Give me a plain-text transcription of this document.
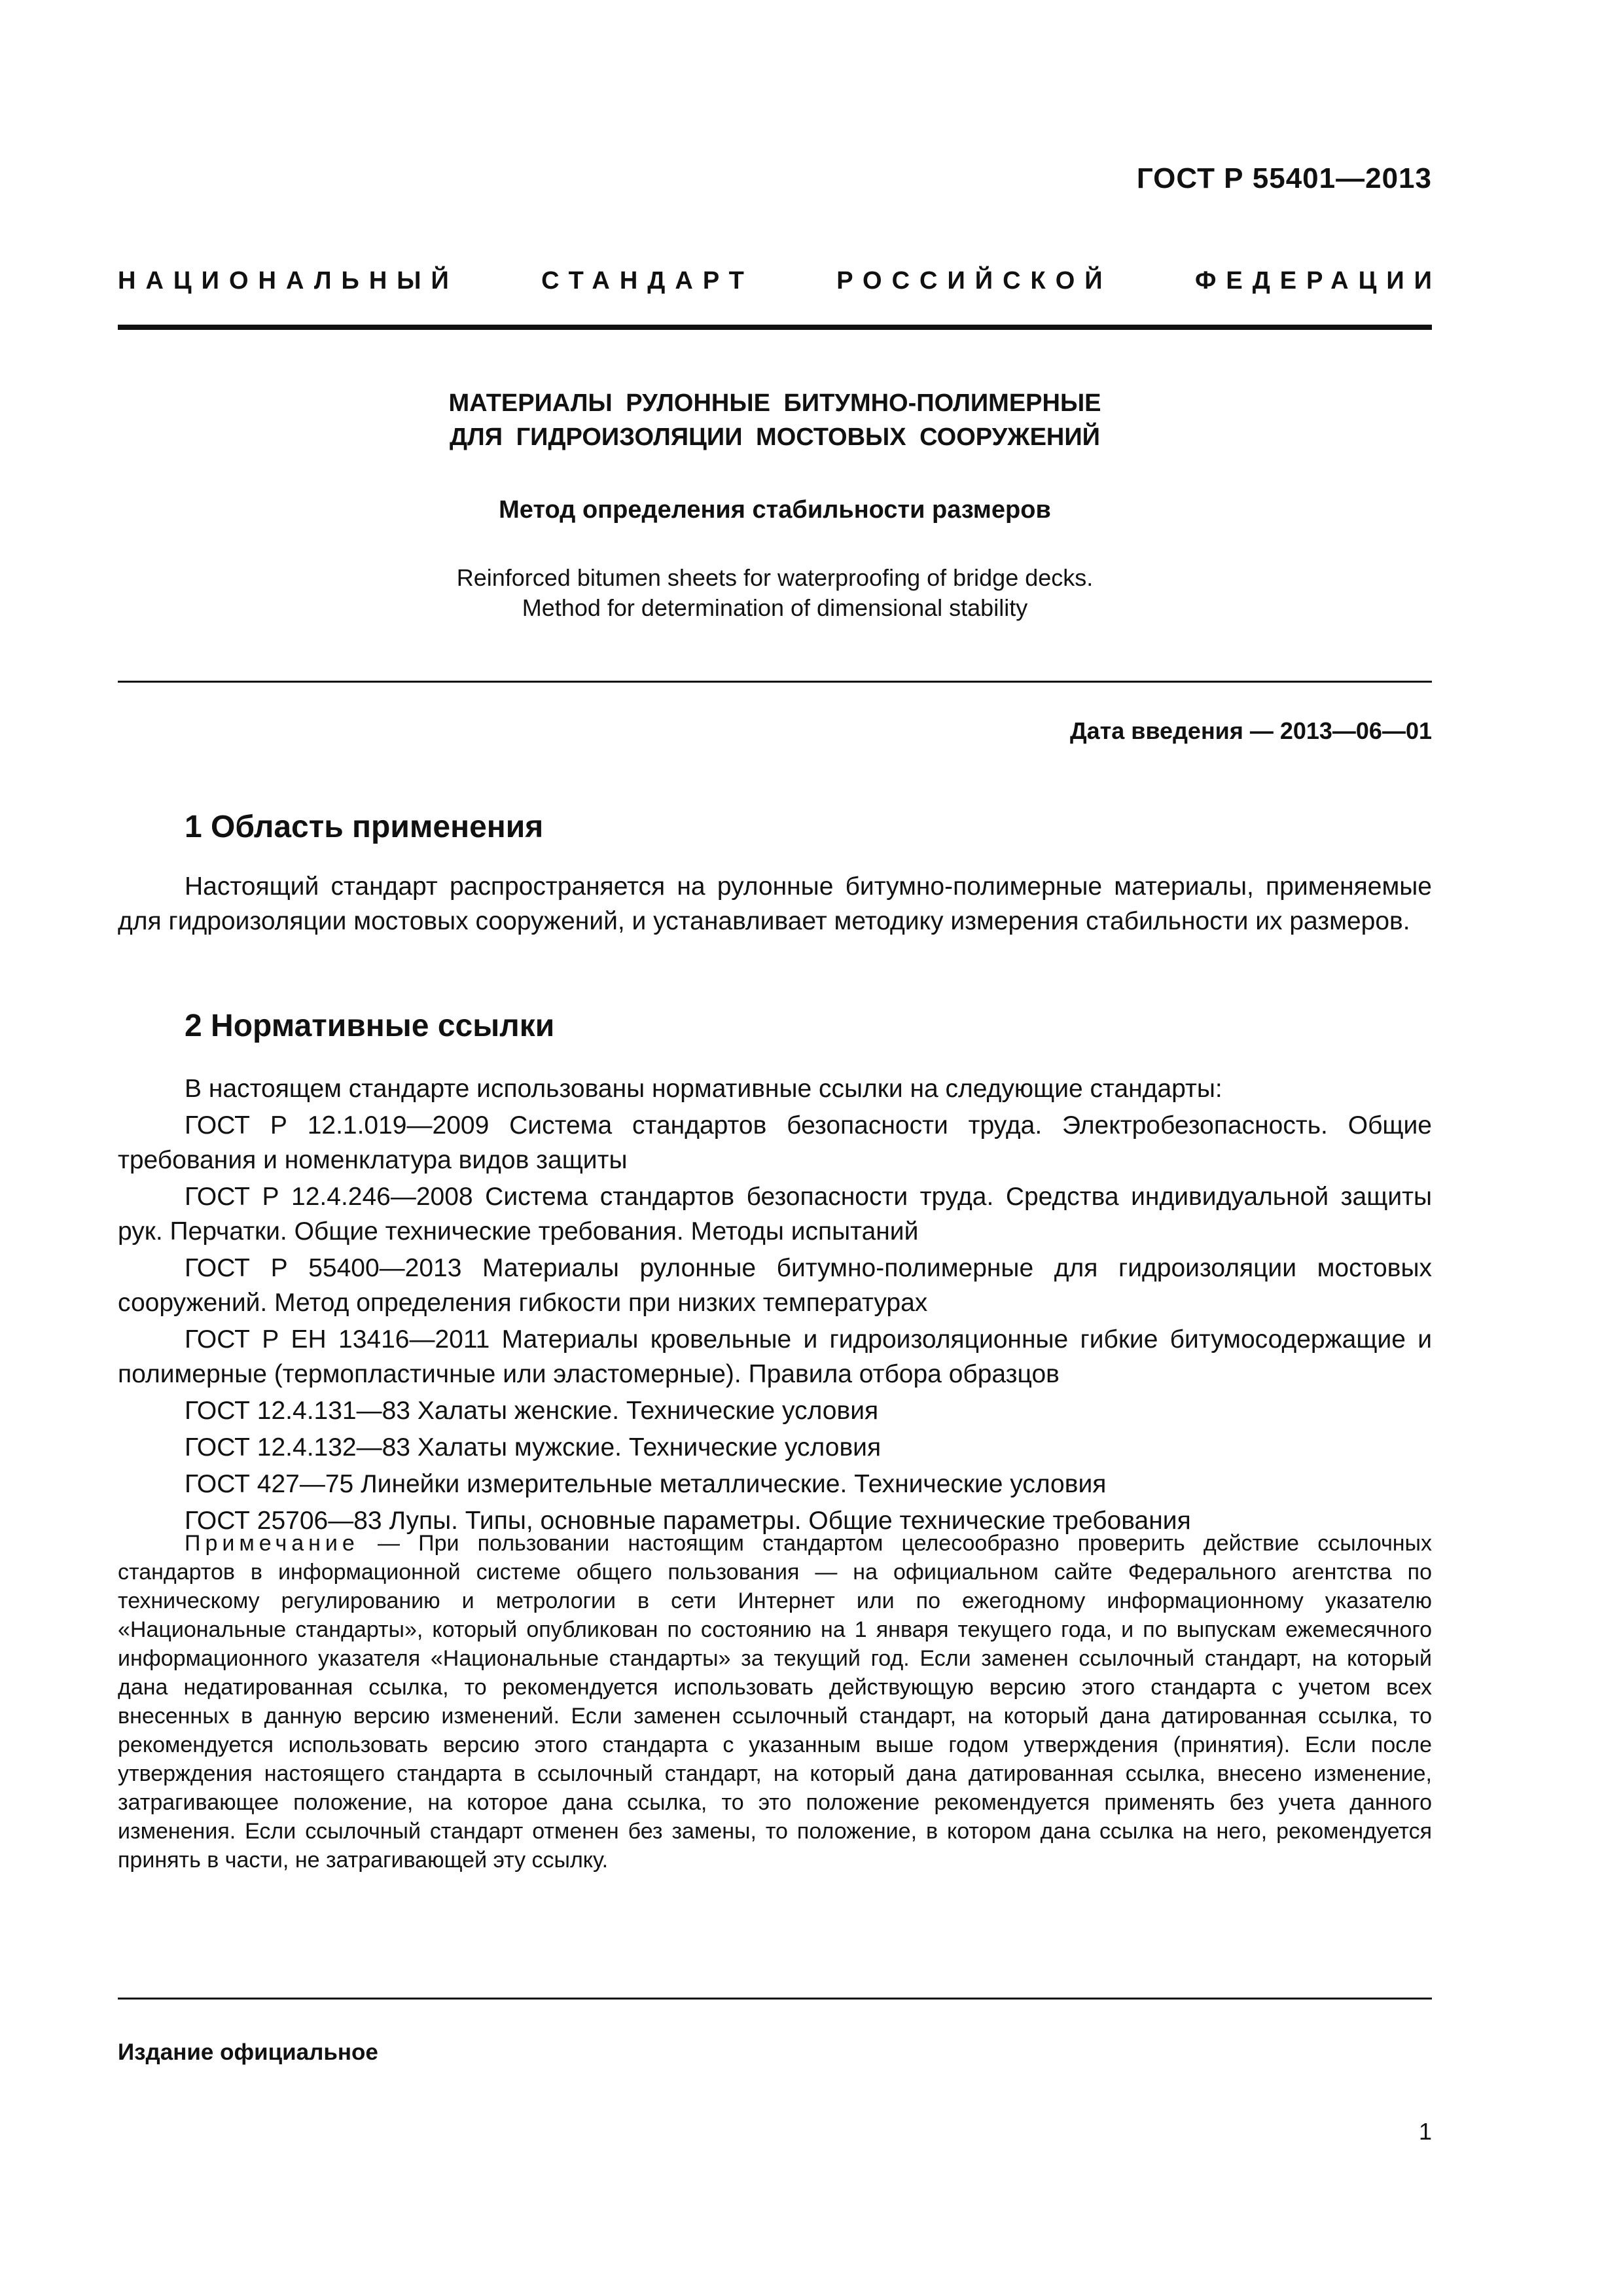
ГОСТ Р 55401—2013
НАЦИОНАЛЬНЫЙ	СТАНДАРТ	РОССИЙСКОЙ	ФЕДЕРАЦИИ
МАТЕРИАЛЫ РУЛОННЫЕ БИТУМНО-ПОЛИМЕРНЫЕ
ДЛЯ ГИДРОИЗОЛЯЦИИ МОСТОВЫХ СООРУЖЕНИЙ
Метод определения стабильности размеров
Reinforced bitumen sheets for waterproofing of bridge decks.
Method for determination of dimensional stability
Дата введения — 2013—06—01
1 Область применения

Настоящий стандарт распространяется на рулонные битумно-полимерные материалы, применяемые для гидроизоляции мостовых сооружений, и устанавливает методику измерения стабильности их размеров.

2 Нормативные ссылки

В настоящем стандарте использованы нормативные ссылки на следующие стандарты:

ГОСТ Р 12.1.019—2009 Система стандартов безопасности труда. Электробезопасность. Общие требования и номенклатура видов защиты

ГОСТ Р 12.4.246—2008 Система стандартов безопасности труда. Средства индивидуальной защиты рук. Перчатки. Общие технические требования. Методы испытаний

ГОСТ Р 55400—2013 Материалы рулонные битумно-полимерные для гидроизоляции мостовых сооружений. Метод определения гибкости при низких температурах

ГОСТ Р ЕН 13416—2011 Материалы кровельные и гидроизоляционные гибкие битумосодержащие и полимерные (термопластичные или эластомерные). Правила отбора образцов

ГОСТ 12.4.131—83 Халаты женские. Технические условия

ГОСТ 12.4.132—83 Халаты мужские. Технические условия

ГОСТ 427—75 Линейки измерительные металлические. Технические условия

ГОСТ 25706—83 Лупы. Типы, основные параметры. Общие технические требования

Примечание — При пользовании настоящим стандартом целесообразно проверить действие ссылочных стандартов в информационной системе общего пользования — на официальном сайте Федерального агентства по техническому регулированию и метрологии в сети Интернет или по ежегодному информационному указателю «Национальные стандарты», который опубликован по состоянию на 1 января текущего года, и по выпускам ежемесячного информационного указателя «Национальные стандарты» за текущий год. Если заменен ссылочный стандарт, на который дана недатированная ссылка, то рекомендуется использовать действующую версию этого стандарта с учетом всех внесенных в данную версию изменений. Если заменен ссылочный стандарт, на который дана датированная ссылка, то рекомендуется использовать версию этого стандарта с указанным выше годом утверждения (принятия). Если после утверждения настоящего стандарта в ссылочный стандарт, на который дана датированная ссылка, внесено изменение, затрагивающее положение, на которое дана ссылка, то это положение рекомендуется применять без учета данного изменения. Если ссылочный стандарт отменен без замены, то положение, в котором дана ссылка на него, рекомендуется принять в части, не затрагивающей эту ссылку.
Издание официальное
1
